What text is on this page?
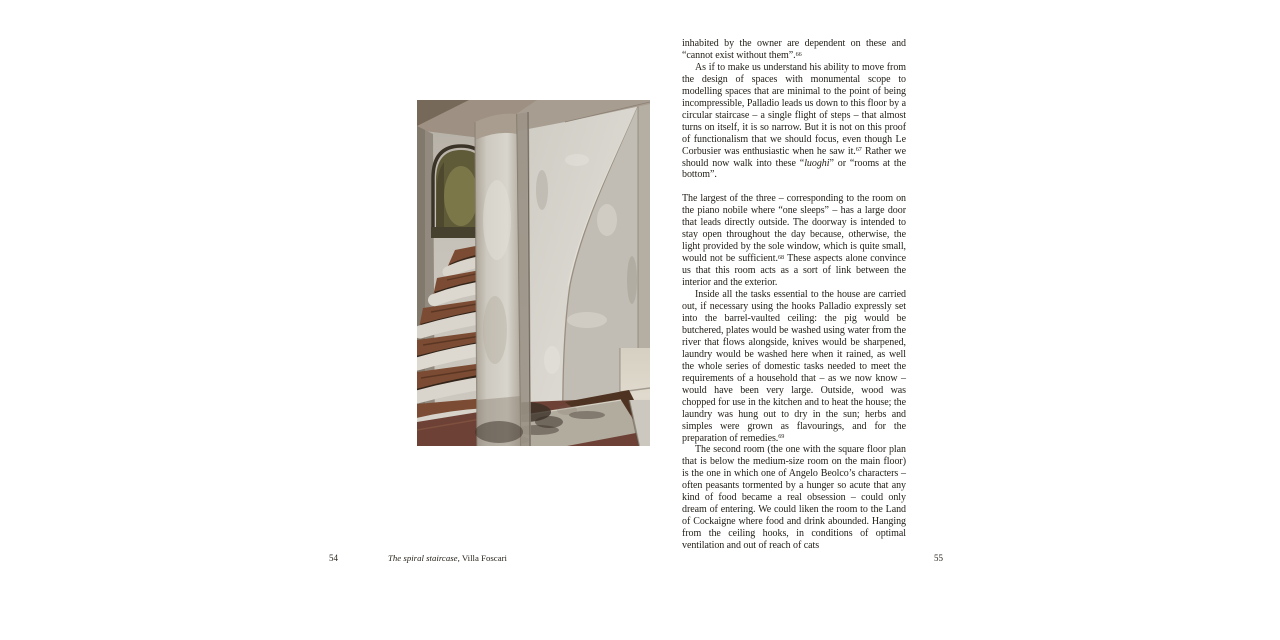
54	The spiral staircase, Villa Foscari

inhabited by the owner are dependent on these and “cannot exist without them”.$^{66}$

As if to make us understand his ability to move from the design of spaces with monumental scope to modelling spaces that are minimal to the point of being incompressible, Palladio leads us down to this floor by a circular staircase – a single flight of steps – that almost turns on itself, it is so narrow. But it is not on this proof of functionalism that we should focus, even though Le Corbusier was enthusiastic when he saw it.$^{67}$ Rather we should now walk into these “luoghi” or “rooms at the bottom”.

The largest of the three – corresponding to the room on the piano nobile where “one sleeps” – has a large door that leads directly outside. The doorway is intended to stay open throughout the day because, otherwise, the light provided by the sole window, which is quite small, would not be sufficient.$^{68}$ These aspects alone convince us that this room acts as a sort of link between the interior and the exterior.

Inside all the tasks essential to the house are carried out, if necessary using the hooks Palladio expressly set into the barrel-vaulted ceiling: the pig would be butchered, plates would be washed using water from the river that flows alongside, knives would be sharpened, laundry would be washed here when it rained, as well the whole series of domestic tasks needed to meet the requirements of a household that – as we now know – would have been very large. Outside, wood was chopped for use in the kitchen and to heat the house; the laundry was hung out to dry in the sun; herbs and simples were grown as flavourings, and for the preparation of remedies.$^{69}$

The second room (the one with the square floor plan that is below the medium-size room on the main floor) is the one in which one of Angelo Beolco’s characters – often peasants tormented by a hunger so acute that any kind of food became a real obsession – could only dream of entering. We could liken the room to the Land of Cockaigne where food and drink abounded. Hanging from the ceiling hooks, in conditions of optimal ventilation and out of reach of cats

55
